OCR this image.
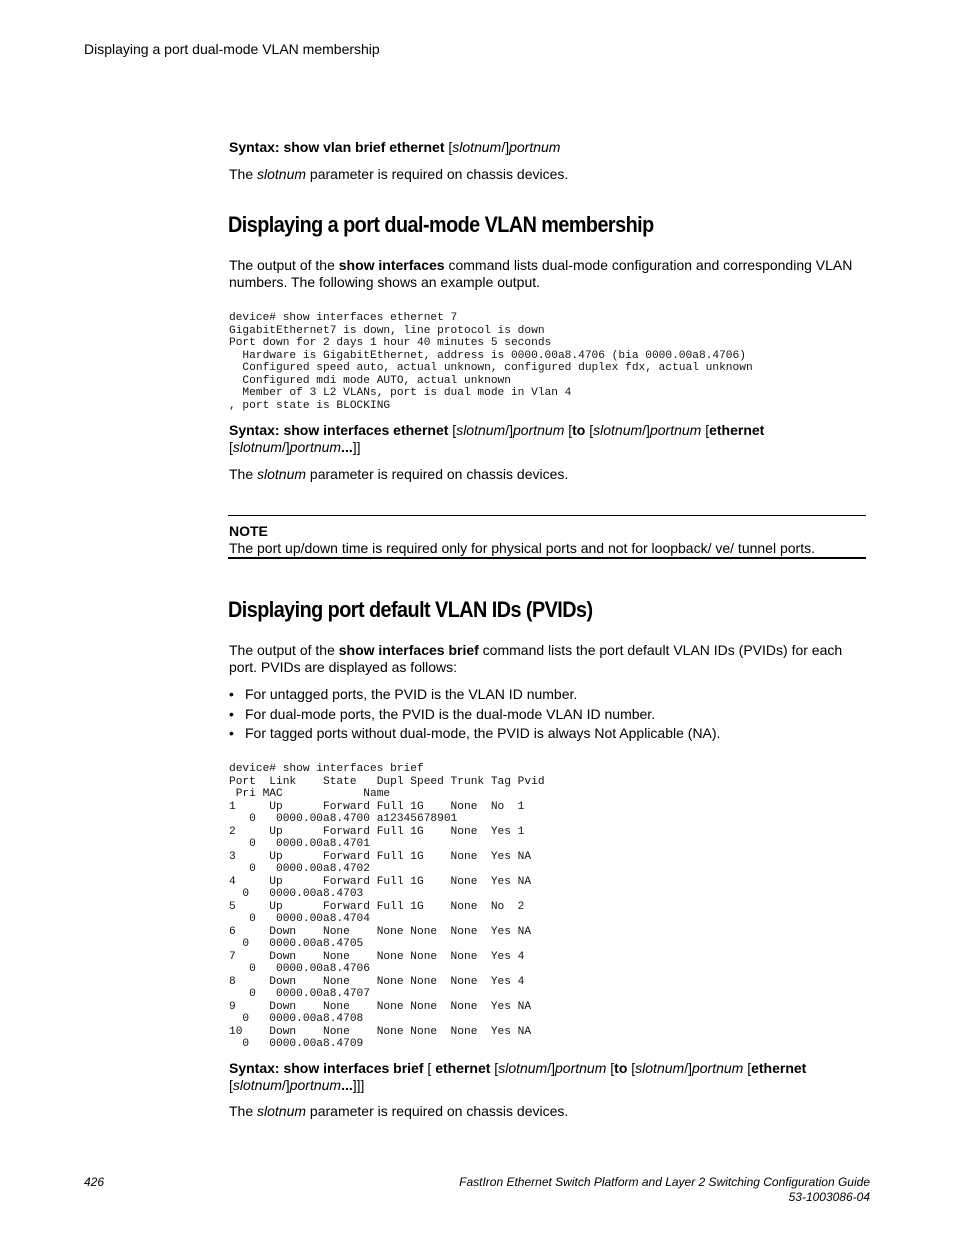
Displaying a port dual-mode VLAN membership
Syntax: show vlan brief ethernet [slotnum/]portnum
The slotnum parameter is required on chassis devices.
Displaying a port dual-mode VLAN membership
The output of the show interfaces command lists dual-mode configuration and corresponding VLAN numbers. The following shows an example output.
device# show interfaces ethernet 7
GigabitEthernet7 is down, line protocol is down
Port down for 2 days 1 hour 40 minutes 5 seconds
Hardware is GigabitEthernet, address is 0000.00a8.4706 (bia 0000.00a8.4706)
Configured speed auto, actual unknown, configured duplex fdx, actual unknown
Configured mdi mode AUTO, actual unknown
Member of 3 L2 VLANs, port is dual mode in Vlan 4
, port state is BLOCKING
Syntax: show interfaces ethernet [slotnum/]portnum [to [slotnum/]portnum [ethernet
[slotnum/]portnum...]]
The slotnum parameter is required on chassis devices.
NOTE
The port up/down time is required only for physical ports and not for loopback/ ve/ tunnel ports.
Displaying port default VLAN IDs (PVIDs)
The output of the show interfaces brief command lists the port default VLAN IDs (PVIDs) for each port. PVIDs are displayed as follows:
• For untagged ports, the PVID is the VLAN ID number.
• For dual-mode ports, the PVID is the dual-mode VLAN ID number.
• For tagged ports without dual-mode, the PVID is always Not Applicable (NA).
device# show interfaces brief
Port  Link    State   Dupl Speed Trunk Tag Pvid
Pri MAC            Name
1     Up      Forward Full 1G    None  No  1
0   0000.00a8.4700 a12345678901
2     Up      Forward Full 1G    None  Yes 1
0   0000.00a8.4701
3     Up      Forward Full 1G    None  Yes NA
0   0000.00a8.4702
4     Up      Forward Full 1G    None  Yes NA
0   0000.00a8.4703
5     Up      Forward Full 1G    None  No  2
0   0000.00a8.4704
6     Down    None    None None  None  Yes NA
0   0000.00a8.4705
7     Down    None    None None  None  Yes 4
0   0000.00a8.4706
8     Down    None    None None  None  Yes 4
0   0000.00a8.4707
9     Down    None    None None  None  Yes NA
0   0000.00a8.4708
10    Down    None    None None  None  Yes NA
0   0000.00a8.4709
Syntax: show interfaces brief [ ethernet [slotnum/]portnum [to [slotnum/]portnum [ethernet
[slotnum/]portnum...]]]
The slotnum parameter is required on chassis devices.
426	FastIron Ethernet Switch Platform and Layer 2 Switching Configuration Guide
53-1003086-04
